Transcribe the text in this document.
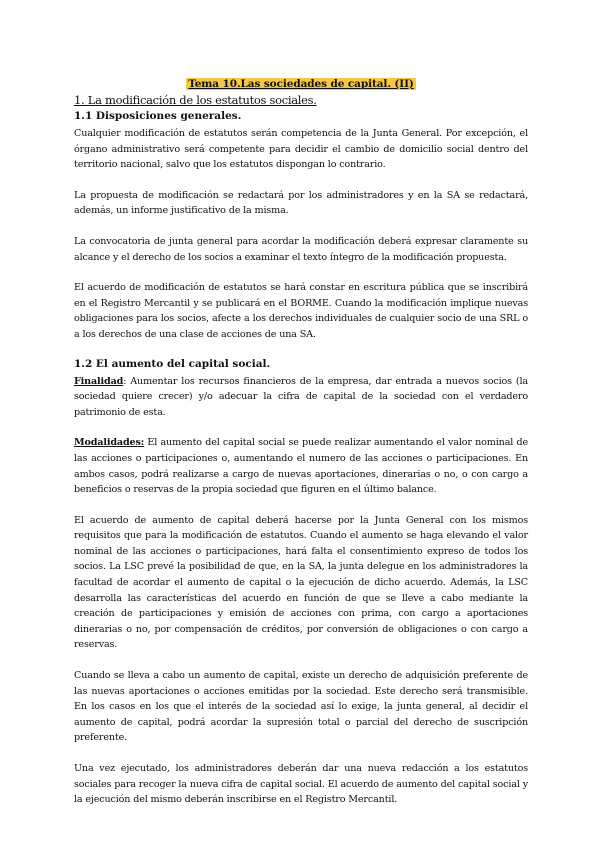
Tema 10.Las sociedades de capital. (II)
1. La modificación de los estatutos sociales.
1.1 Disposiciones generales.

Cualquier modificación de estatutos serán competencia de la Junta General. Por excepción, el órgano administrativo será competente para decidir el cambio de domicilio social dentro del territorio nacional, salvo que los estatutos dispongan lo contrario.

La propuesta de modificación se redactará por los administradores y en la SA se redactará, además, un informe justificativo de la misma.

La convocatoria de junta general para acordar la modificación deberá expresar claramente su alcance y el derecho de los socios a examinar el texto íntegro de la modificación propuesta.

El acuerdo de modificación de estatutos se hará constar en escritura pública que se inscribirá en el Registro Mercantil y se publicará en el BORME. Cuando la modificación implique nuevas obligaciones para los socios, afecte a los derechos individuales de cualquier socio de una SRL o a los derechos de una clase de acciones de una SA.

1.2 El aumento del capital social.

Finalidad: Aumentar los recursos financieros de la empresa, dar entrada a nuevos socios (la sociedad quiere crecer) y/o adecuar la cifra de capital de la sociedad con el verdadero patrimonio de esta.

Modalidades: El aumento del capital social se puede realizar aumentando el valor nominal de las acciones o participaciones o, aumentando el numero de las acciones o participaciones. En ambos casos, podrá realizarse a cargo de nuevas aportaciones, dinerarias o no, o con cargo a beneficios o reservas de la propia sociedad que figuren en el último balance.

El acuerdo de aumento de capital deberá hacerse por la Junta General con los mismos requisitos que para la modificación de estatutos. Cuando el aumento se haga elevando el valor nominal de las acciones o participaciones, hará falta el consentimiento expreso de todos los socios. La LSC prevé la posibilidad de que, en la SA, la junta delegue en los administradores la facultad de acordar el aumento de capital o la ejecución de dicho acuerdo. Además, la LSC desarrolla las características del acuerdo en función de que se lleve a cabo mediante la creación de participaciones y emisión de acciones con prima, con cargo a aportaciones dinerarias o no, por compensación de créditos, por conversión de obligaciones o con cargo a reservas.

Cuando se lleva a cabo un aumento de capital, existe un derecho de adquisición preferente de las nuevas aportaciones o acciones emitidas por la sociedad. Este derecho será transmisible. En los casos en los que el interés de la sociedad así lo exige, la junta general, al decidir el aumento de capital, podrá acordar la supresión total o parcial del derecho de suscripción preferente.

Una vez ejecutado, los administradores deberán dar una nueva redacción a los estatutos sociales para recoger la nueva cifra de capital social. El acuerdo de aumento del capital social y la ejecución del mismo deberán inscribirse en el Registro Mercantil.
